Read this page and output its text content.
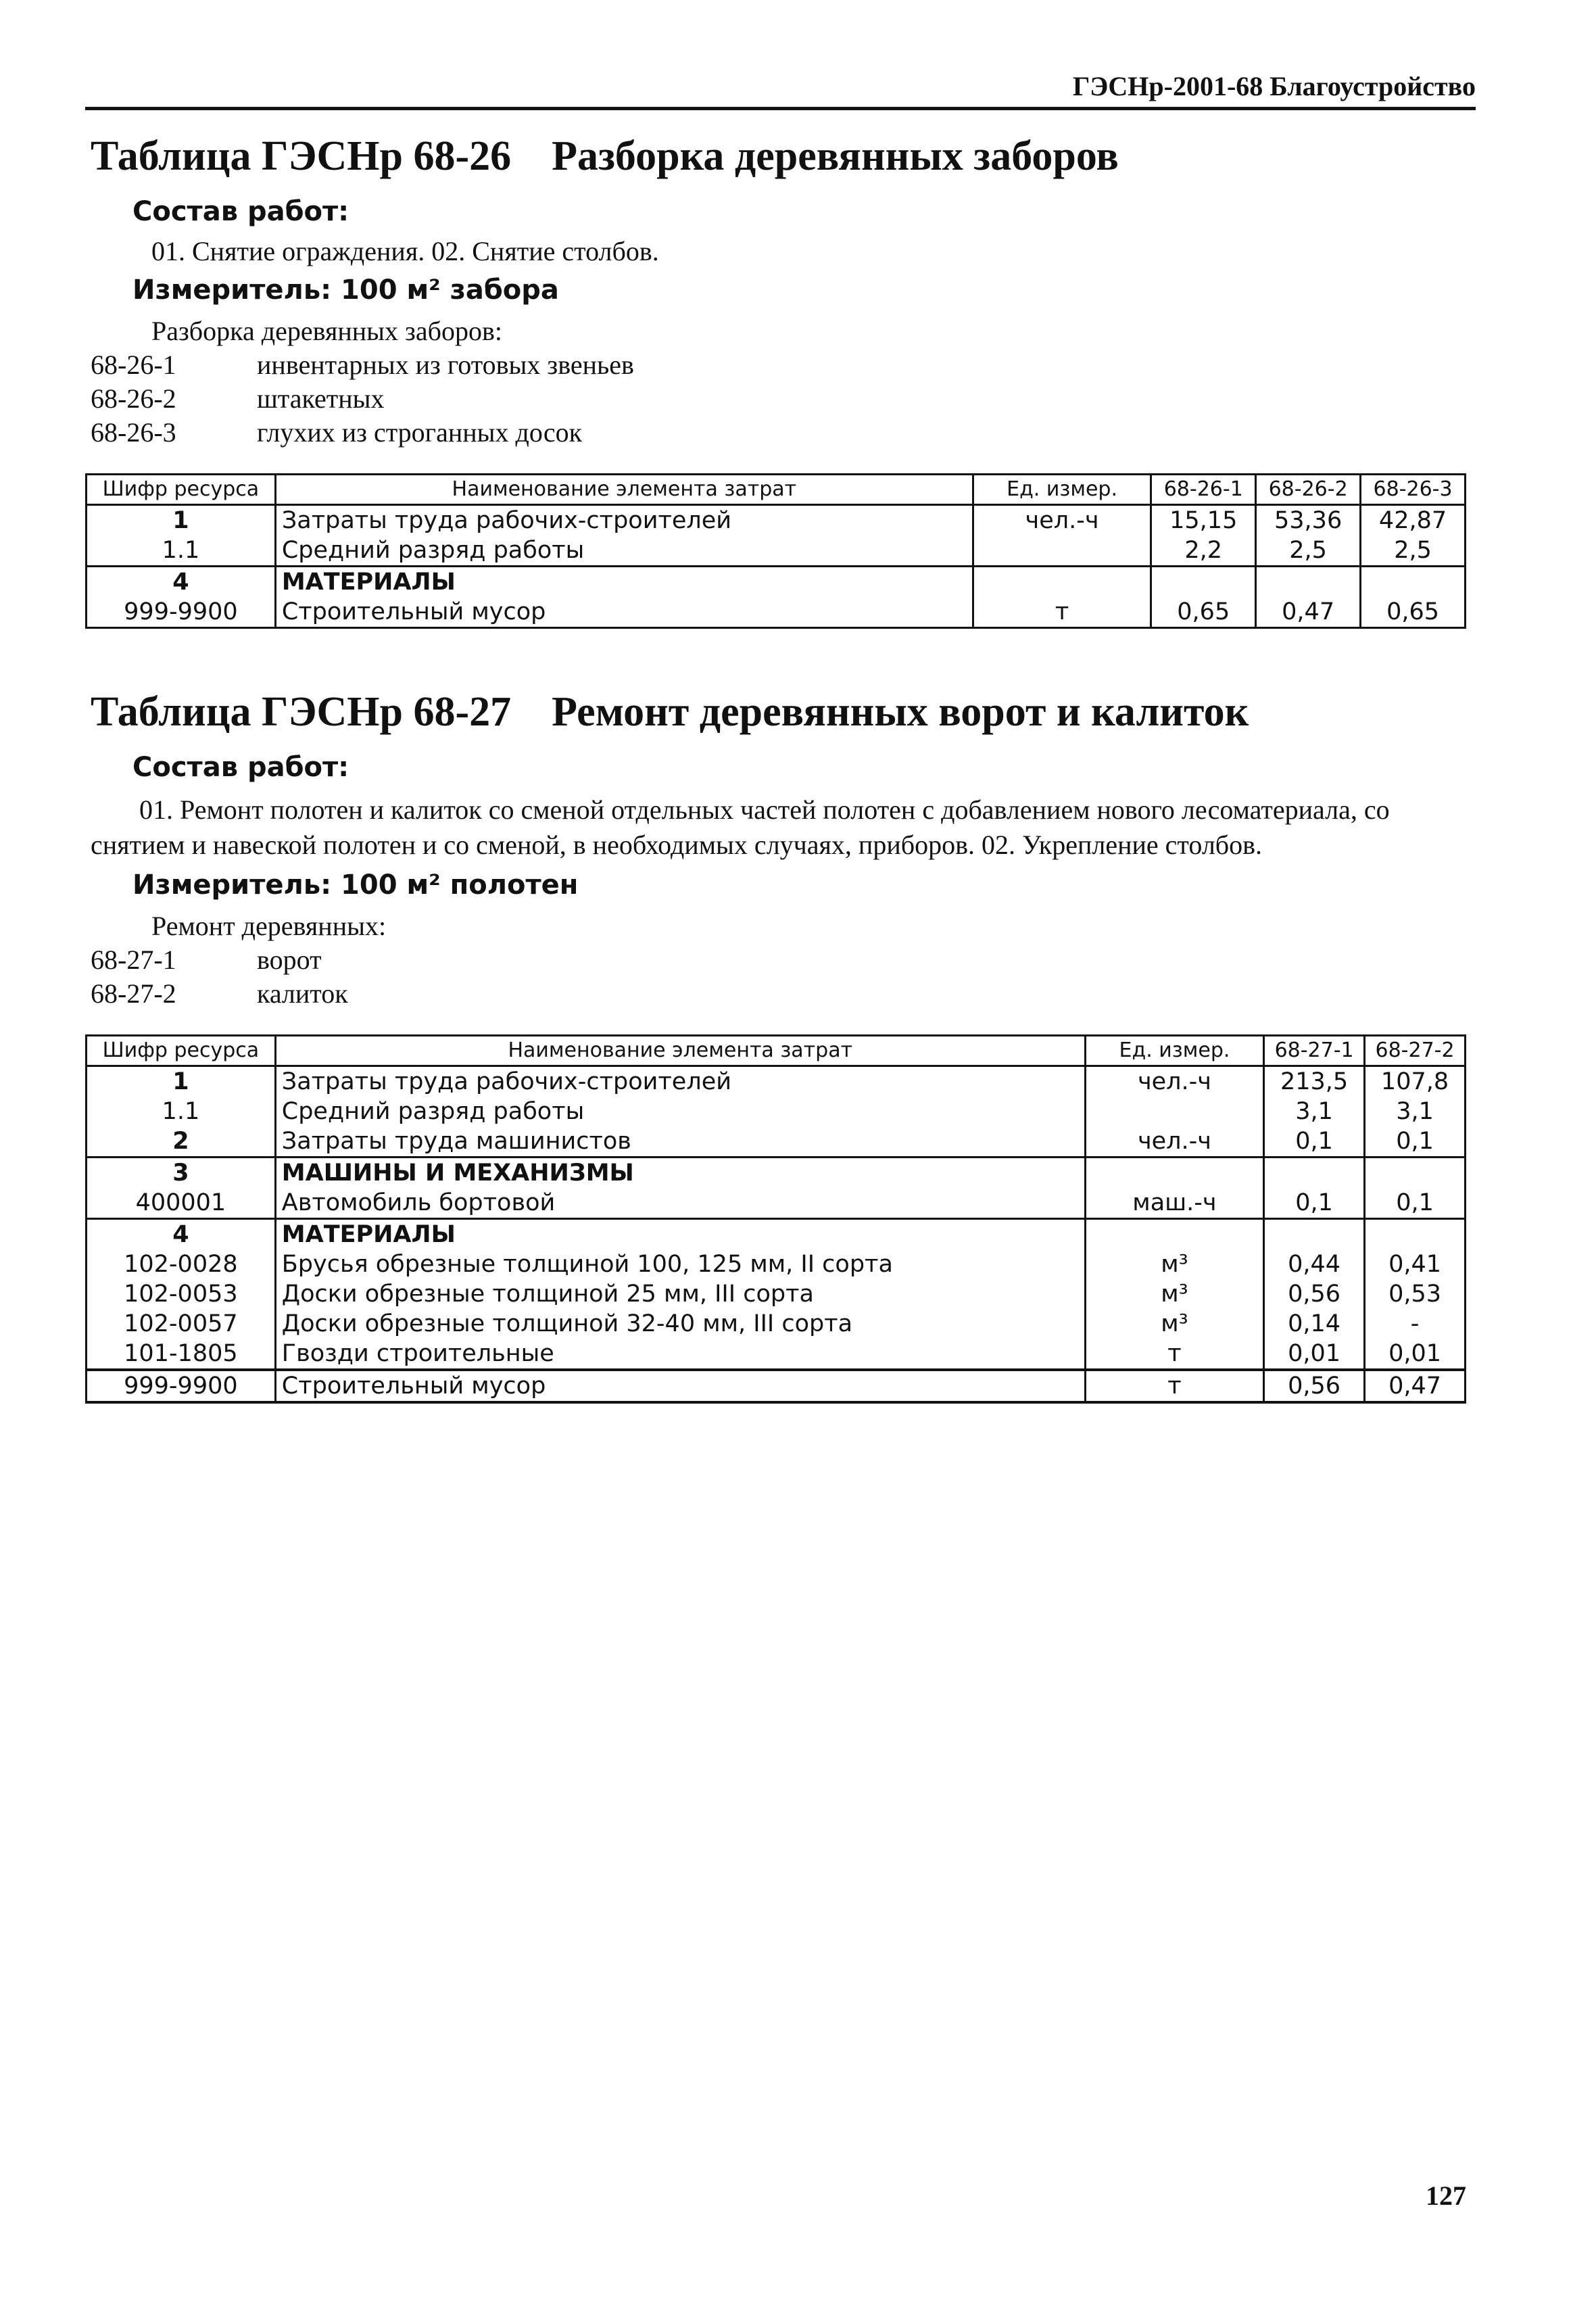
ГЭСНр-2001-68 Благоустройство
Таблица ГЭСНр 68-26 Разборка деревянных заборов
Состав работ:
01. Снятие ограждения. 02. Снятие столбов.
Измеритель: 100 м² забора
Разборка деревянных заборов:
68-26-1	инвентарных из готовых звеньев
68-26-2	штакетных
68-26-3	глухих из строганных досок
Шифр ресурса	Наименование элемента затрат	Ед. измер.	68-26-1	68-26-2	68-26-3
1	Затраты труда рабочих-строителей	чел.-ч	15,15	53,36	42,87
1.1	Средний разряд работы		2,2	2,5	2,5
4	МАТЕРИАЛЫ				
999-9900	Строительный мусор	т	0,65	0,47	0,65
Таблица ГЭСНр 68-27 Ремонт деревянных ворот и калиток
Состав работ:
01. Ремонт полотен и калиток со сменой отдельных частей полотен с добавлением нового лесоматериала, со снятием и навеской полотен и со сменой, в необходимых случаях, приборов. 02. Укрепление столбов.
Измеритель: 100 м² полотен
Ремонт деревянных:
68-27-1	ворот
68-27-2	калиток
Шифр ресурса	Наименование элемента затрат	Ед. измер.	68-27-1	68-27-2
1	Затраты труда рабочих-строителей	чел.-ч	213,5	107,8
1.1	Средний разряд работы		3,1	3,1
2	Затраты труда машинистов	чел.-ч	0,1	0,1
3	МАШИНЫ И МЕХАНИЗМЫ			
400001	Автомобиль бортовой	маш.-ч	0,1	0,1
4	МАТЕРИАЛЫ			
102-0028	Брусья обрезные толщиной 100, 125 мм, II сорта	м³	0,44	0,41
102-0053	Доски обрезные толщиной 25 мм, III сорта	м³	0,56	0,53
102-0057	Доски обрезные толщиной 32-40 мм, III сорта	м³	0,14	-
101-1805	Гвозди строительные	т	0,01	0,01
999-9900	Строительный мусор	т	0,56	0,47
127
